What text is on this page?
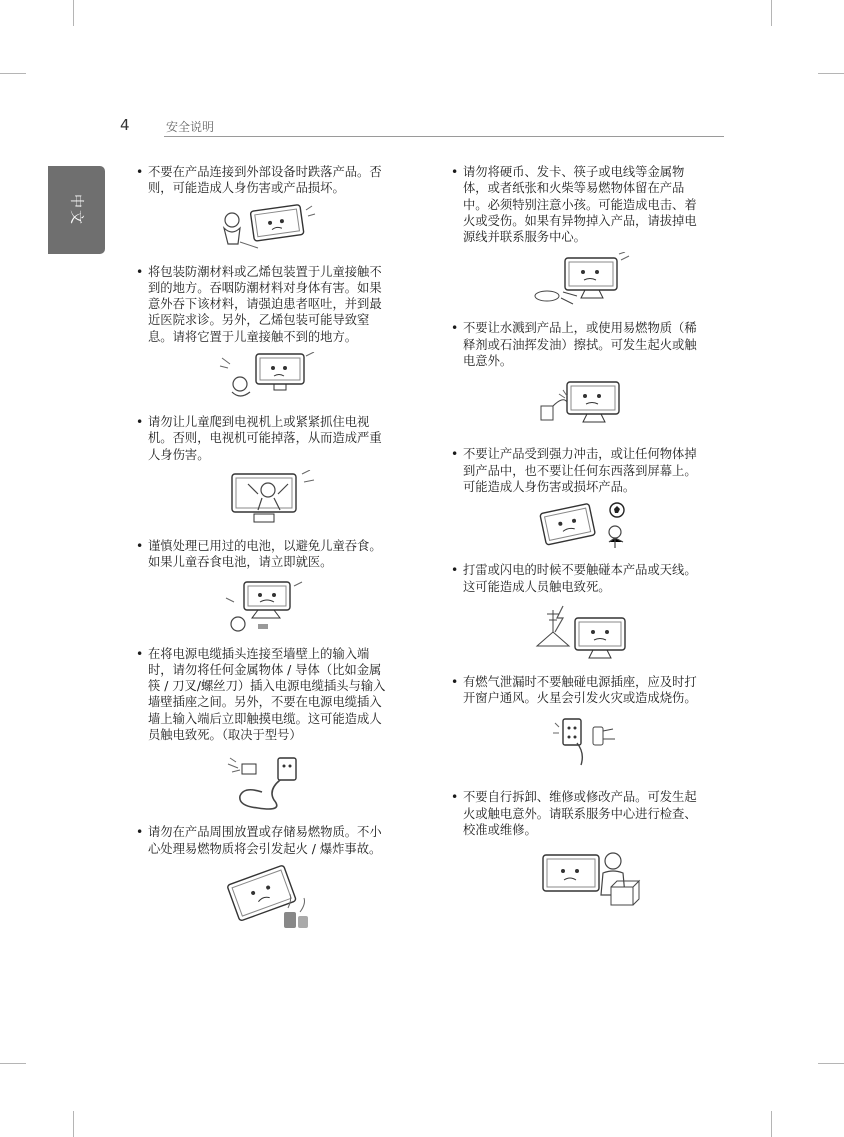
4	安全说明
中文
• 不要在产品连接到外部设备时跌落产品。否则，可能造成人身伤害或产品损坏。

• 将包装防潮材料或乙烯包装置于儿童接触不到的地方。吞咽防潮材料对身体有害。如果意外吞下该材料，请强迫患者呕吐，并到最近医院求诊。另外，乙烯包装可能导致窒息。请将它置于儿童接触不到的地方。

• 请勿让儿童爬到电视机上或紧紧抓住电视机。否则，电视机可能掉落，从而造成严重人身伤害。

• 谨慎处理已用过的电池，以避免儿童吞食。如果儿童吞食电池，请立即就医。

• 在将电源电缆插头连接至墙壁上的输入端时，请勿将任何金属物体 / 导体（比如金属筷 / 刀叉/螺丝刀）插入电源电缆插头与输入墙壁插座之间。另外，不要在电源电缆插入墙上输入端后立即触摸电缆。这可能造成人员触电致死。（取决于型号）

• 请勿在产品周围放置或存储易燃物质。不小心处理易燃物质将会引发起火 / 爆炸事故。

• 请勿将硬币、发卡、筷子或电线等金属物体，或者纸张和火柴等易燃物体留在产品中。必须特别注意小孩。可能造成电击、着火或受伤。如果有异物掉入产品，请拔掉电源线并联系服务中心。

• 不要让水溅到产品上，或使用易燃物质（稀释剂或石油挥发油）擦拭。可发生起火或触电意外。

• 不要让产品受到强力冲击，或让任何物体掉到产品中，也不要让任何东西落到屏幕上。可能造成人身伤害或损坏产品。

• 打雷或闪电的时候不要触碰本产品或天线。这可能造成人员触电致死。

• 有燃气泄漏时不要触碰电源插座，应及时打开窗户通风。火星会引发火灾或造成烧伤。

• 不要自行拆卸、维修或修改产品。可发生起火或触电意外。请联系服务中心进行检查、校准或维修。
